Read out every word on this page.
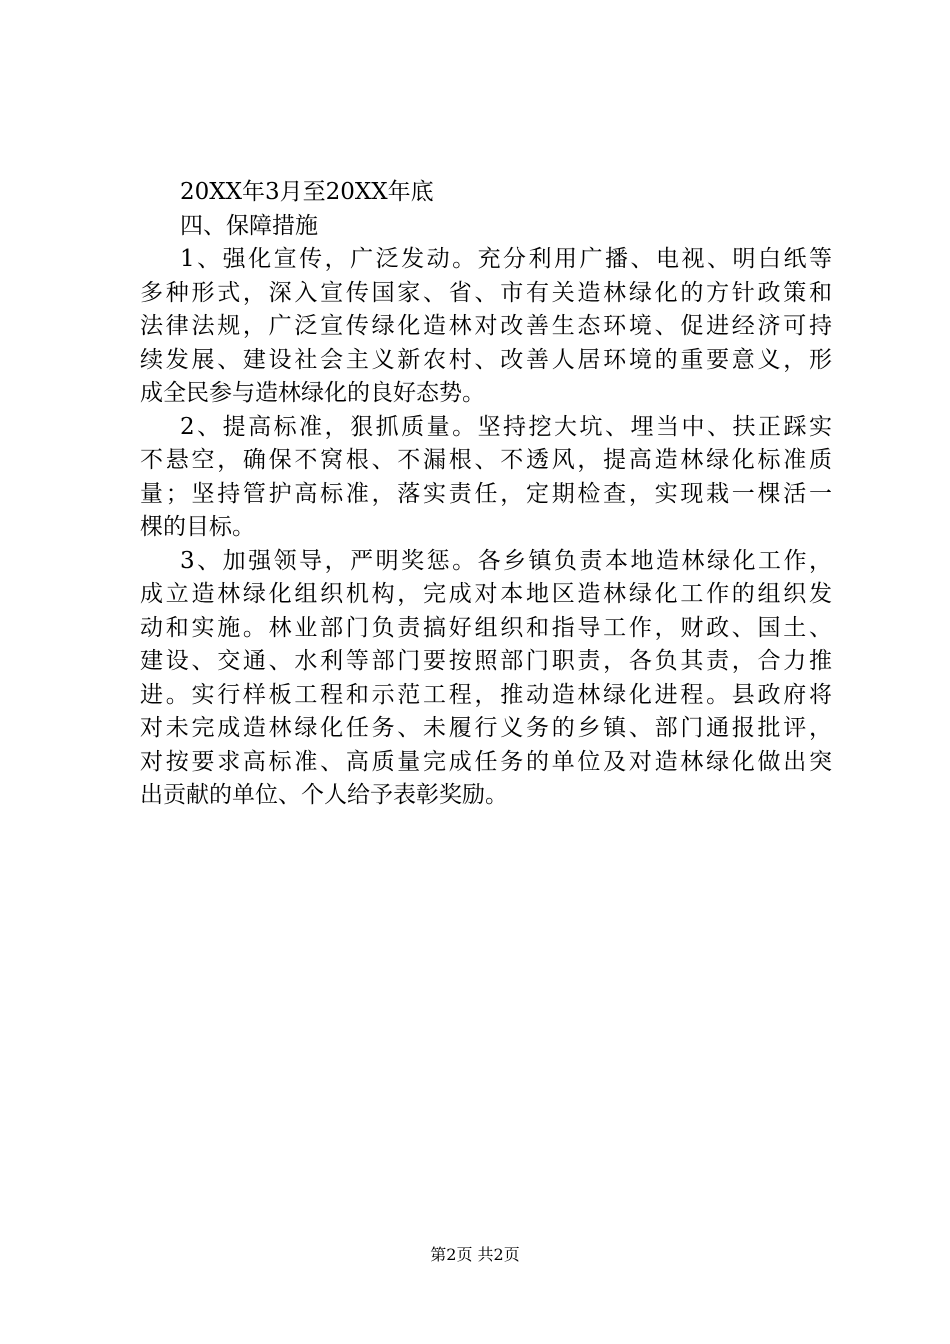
20XX年3月至20XX年底

四、保障措施

1、强化宣传，广泛发动。充分利用广播、电视、明白纸等

多种形式，深入宣传国家、省、市有关造林绿化的方针政策和

法律法规，广泛宣传绿化造林对改善生态环境、促进经济可持

续发展、建设社会主义新农村、改善人居环境的重要意义，形

成全民参与造林绿化的良好态势。

2、提高标准，狠抓质量。坚持挖大坑、埋当中、扶正踩实

不悬空，确保不窝根、不漏根、不透风，提高造林绿化标准质

量；坚持管护高标准，落实责任，定期检查，实现栽一棵活一

棵的目标。

3、加强领导，严明奖惩。各乡镇负责本地造林绿化工作，

成立造林绿化组织机构，完成对本地区造林绿化工作的组织发

动和实施。林业部门负责搞好组织和指导工作，财政、国土、

建设、交通、水利等部门要按照部门职责，各负其责，合力推

进。实行样板工程和示范工程，推动造林绿化进程。县政府将

对未完成造林绿化任务、未履行义务的乡镇、部门通报批评，

对按要求高标准、高质量完成任务的单位及对造林绿化做出突

出贡献的单位、个人给予表彰奖励。

第2页 共2页
